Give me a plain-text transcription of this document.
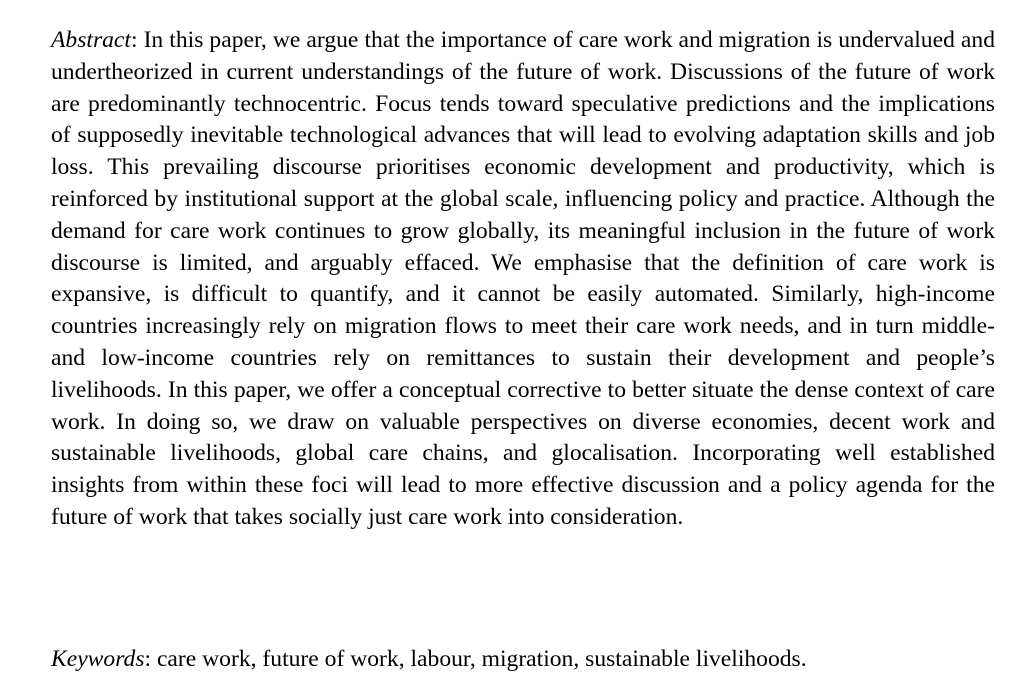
Abstract: In this paper, we argue that the importance of care work and migration is undervalued and undertheorized in current understandings of the future of work. Discussions of the future of work are predominantly technocentric. Focus tends toward speculative predictions and the implications of supposedly inevitable technological advances that will lead to evolving adaptation skills and job loss. This prevailing discourse prioritises economic development and productivity, which is reinforced by institutional support at the global scale, influencing policy and practice. Although the demand for care work continues to grow globally, its meaningful inclusion in the future of work discourse is limited, and arguably effaced. We emphasise that the definition of care work is expansive, is difficult to quantify, and it cannot be easily automated. Similarly, high-income countries increasingly rely on migration flows to meet their care work needs, and in turn middle- and low-income countries rely on remittances to sustain their development and people’s livelihoods. In this paper, we offer a conceptual corrective to better situate the dense context of care work. In doing so, we draw on valuable perspectives on diverse economies, decent work and sustainable livelihoods, global care chains, and glocalisation. Incorporating well established insights from within these foci will lead to more effective discussion and a policy agenda for the future of work that takes socially just care work into consideration.

Keywords: care work, future of work, labour, migration, sustainable livelihoods.
